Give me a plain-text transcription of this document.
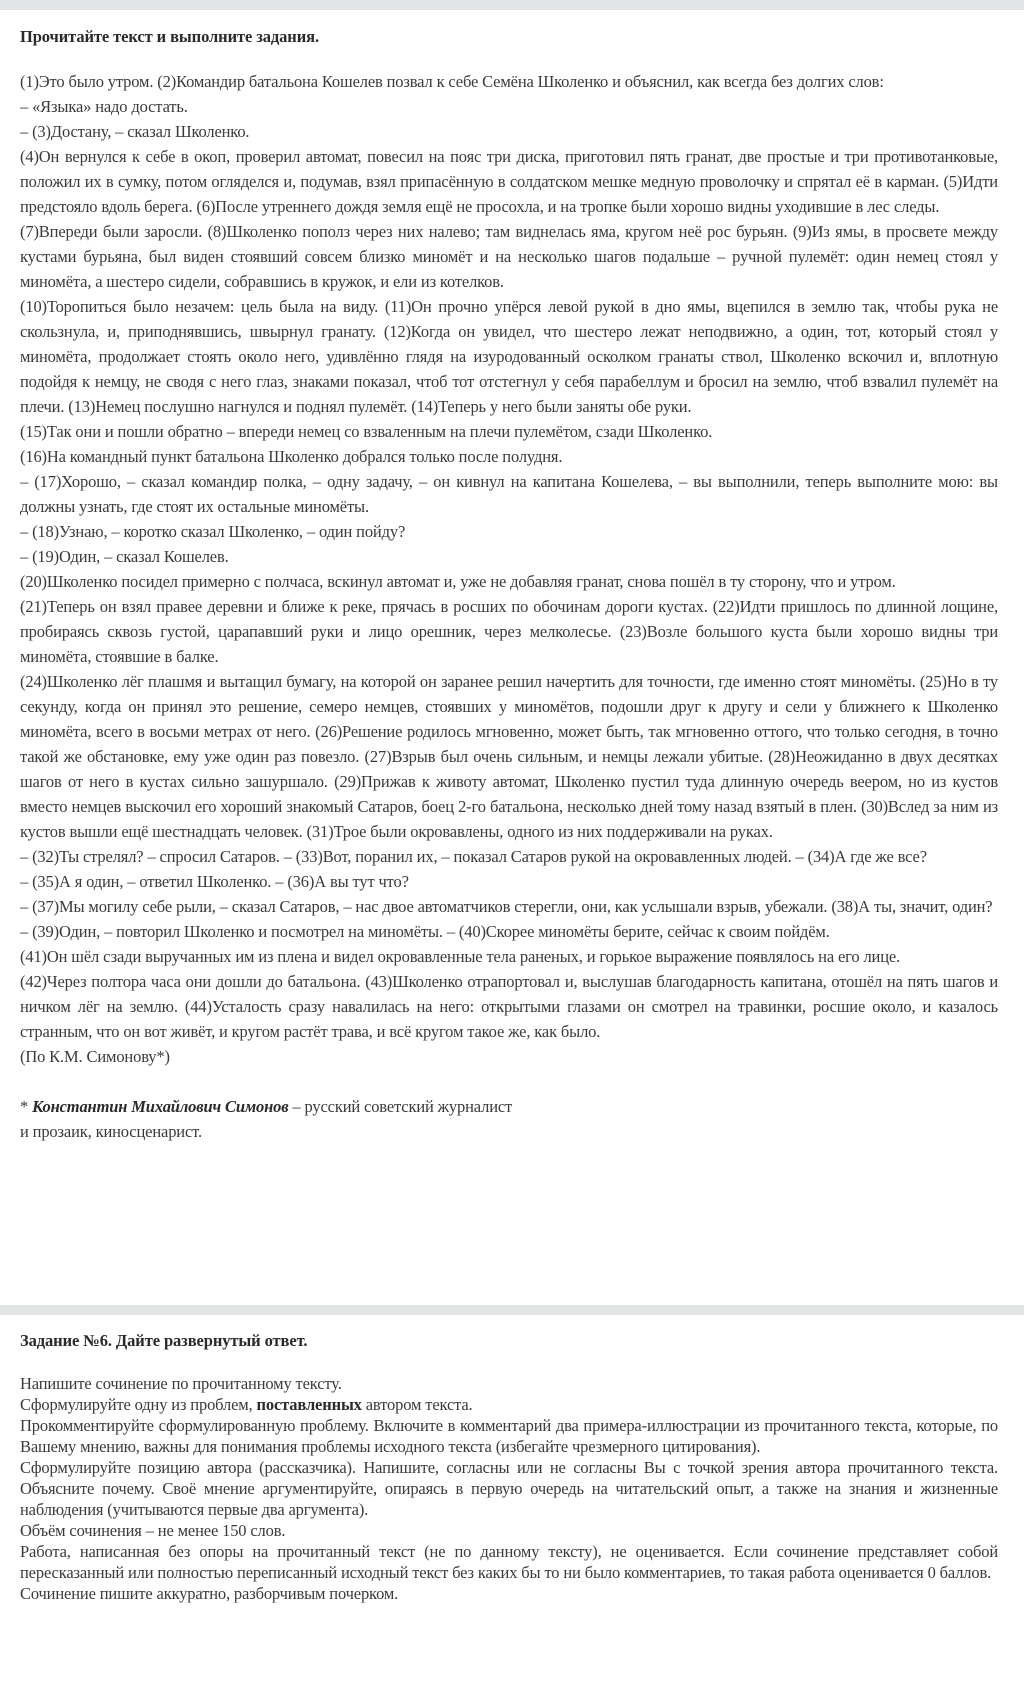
Прочитайте текст и выполните задания.

(1)Это было утром. (2)Командир батальона Кошелев позвал к себе Семёна Школенко и объяснил, как всегда без долгих слов:

– «Языка» надо достать.

– (3)Достану, – сказал Школенко.

(4)Он вернулся к себе в окоп, проверил автомат, повесил на пояс три диска, приготовил пять гранат, две простые и три противотанковые, положил их в сумку, потом огляделся и, подумав, взял припасённую в солдатском мешке медную проволочку и спрятал её в карман. (5)Идти предстояло вдоль берега. (6)После утреннего дождя земля ещё не просохла, и на тропке были хорошо видны уходившие в лес следы.

(7)Впереди были заросли. (8)Школенко пополз через них налево; там виднелась яма, кругом неё рос бурьян. (9)Из ямы, в просвете между кустами бурьяна, был виден стоявший совсем близко миномёт и на несколько шагов подальше – ручной пулемёт: один немец стоял у миномёта, а шестеро сидели, собравшись в кружок, и ели из котелков.

(10)Торопиться было незачем: цель была на виду. (11)Он прочно упёрся левой рукой в дно ямы, вцепился в землю так, чтобы рука не скользнула, и, приподнявшись, швырнул гранату. (12)Когда он увидел, что шестеро лежат неподвижно, а один, тот, который стоял у миномёта, продолжает стоять около него, удивлённо глядя на изуродованный осколком гранаты ствол, Школенко вскочил и, вплотную подойдя к немцу, не сводя с него глаз, знаками показал, чтоб тот отстегнул у себя парабеллум и бросил на землю, чтоб взвалил пулемёт на плечи. (13)Немец послушно нагнулся и поднял пулемёт. (14)Теперь у него были заняты обе руки.

(15)Так они и пошли обратно – впереди немец со взваленным на плечи пулемётом, сзади Школенко.

(16)На командный пункт батальона Школенко добрался только после полудня.

– (17)Хорошо, – сказал командир полка, – одну задачу, – он кивнул на капитана Кошелева, – вы выполнили, теперь выполните мою: вы должны узнать, где стоят их остальные миномёты.

– (18)Узнаю, – коротко сказал Школенко, – один пойду?

– (19)Один, – сказал Кошелев.

(20)Школенко посидел примерно с полчаса, вскинул автомат и, уже не добавляя гранат, снова пошёл в ту сторону, что и утром.

(21)Теперь он взял правее деревни и ближе к реке, прячась в росших по обочинам дороги кустах. (22)Идти пришлось по длинной лощине, пробираясь сквозь густой, царапавший руки и лицо орешник, через мелколесье. (23)Возле большого куста были хорошо видны три миномёта, стоявшие в балке.

(24)Школенко лёг плашмя и вытащил бумагу, на которой он заранее решил начертить для точности, где именно стоят миномёты. (25)Но в ту секунду, когда он принял это решение, семеро немцев, стоявших у миномётов, подошли друг к другу и сели у ближнего к Школенко миномёта, всего в восьми метрах от него. (26)Решение родилось мгновенно, может быть, так мгновенно оттого, что только сегодня, в точно такой же обстановке, ему уже один раз повезло. (27)Взрыв был очень сильным, и немцы лежали убитые. (28)Неожиданно в двух десятках шагов от него в кустах сильно зашуршало. (29)Прижав к животу автомат, Школенко пустил туда длинную очередь веером, но из кустов вместо немцев выскочил его хороший знакомый Сатаров, боец 2-го батальона, несколько дней тому назад взятый в плен. (30)Вслед за ним из кустов вышли ещё шестнадцать человек. (31)Трое были окровавлены, одного из них поддерживали на руках.

– (32)Ты стрелял? – спросил Сатаров. – (33)Вот, поранил их, – показал Сатаров рукой на окровавленных людей. – (34)А где же все?

– (35)А я один, – ответил Школенко. – (36)А вы тут что?

– (37)Мы могилу себе рыли, – сказал Сатаров, – нас двое автоматчиков стерегли, они, как услышали взрыв, убежали. (38)А ты, значит, один?

– (39)Один, – повторил Школенко и посмотрел на миномёты. – (40)Скорее миномёты берите, сейчас к своим пойдём.

(41)Он шёл сзади выручанных им из плена и видел окровавленные тела раненых, и горькое выражение появлялось на его лице.

(42)Через полтора часа они дошли до батальона. (43)Школенко отрапортовал и, выслушав благодарность капитана, отошёл на пять шагов и ничком лёг на землю. (44)Усталость сразу навалилась на него: открытыми глазами он смотрел на травинки, росшие около, и казалось странным, что он вот живёт, и кругом растёт трава, и всё кругом такое же, как было.

(По К.М. Симонову*)

* Константин Михайлович Симонов – русский советский журналист

и прозаик, киносценарист.

Задание №6. Дайте развернутый ответ.

Напишите сочинение по прочитанному тексту.

Сформулируйте одну из проблем, поставленных автором текста.

Прокомментируйте сформулированную проблему. Включите в комментарий два примера-иллюстрации из прочитанного текста, которые, по Вашему мнению, важны для понимания проблемы исходного текста (избегайте чрезмерного цитирования).

Сформулируйте позицию автора (рассказчика). Напишите, согласны или не согласны Вы с точкой зрения автора прочитанного текста. Объясните почему. Своё мнение аргументируйте, опираясь в первую очередь на читательский опыт, а также на знания и жизненные наблюдения (учитываются первые два аргумента).

Объём сочинения – не менее 150 слов.

Работа, написанная без опоры на прочитанный текст (не по данному тексту), не оценивается. Если сочинение представляет собой пересказанный или полностью переписанный исходный текст без каких бы то ни было комментариев, то такая работа оценивается 0 баллов.

Сочинение пишите аккуратно, разборчивым почерком.
